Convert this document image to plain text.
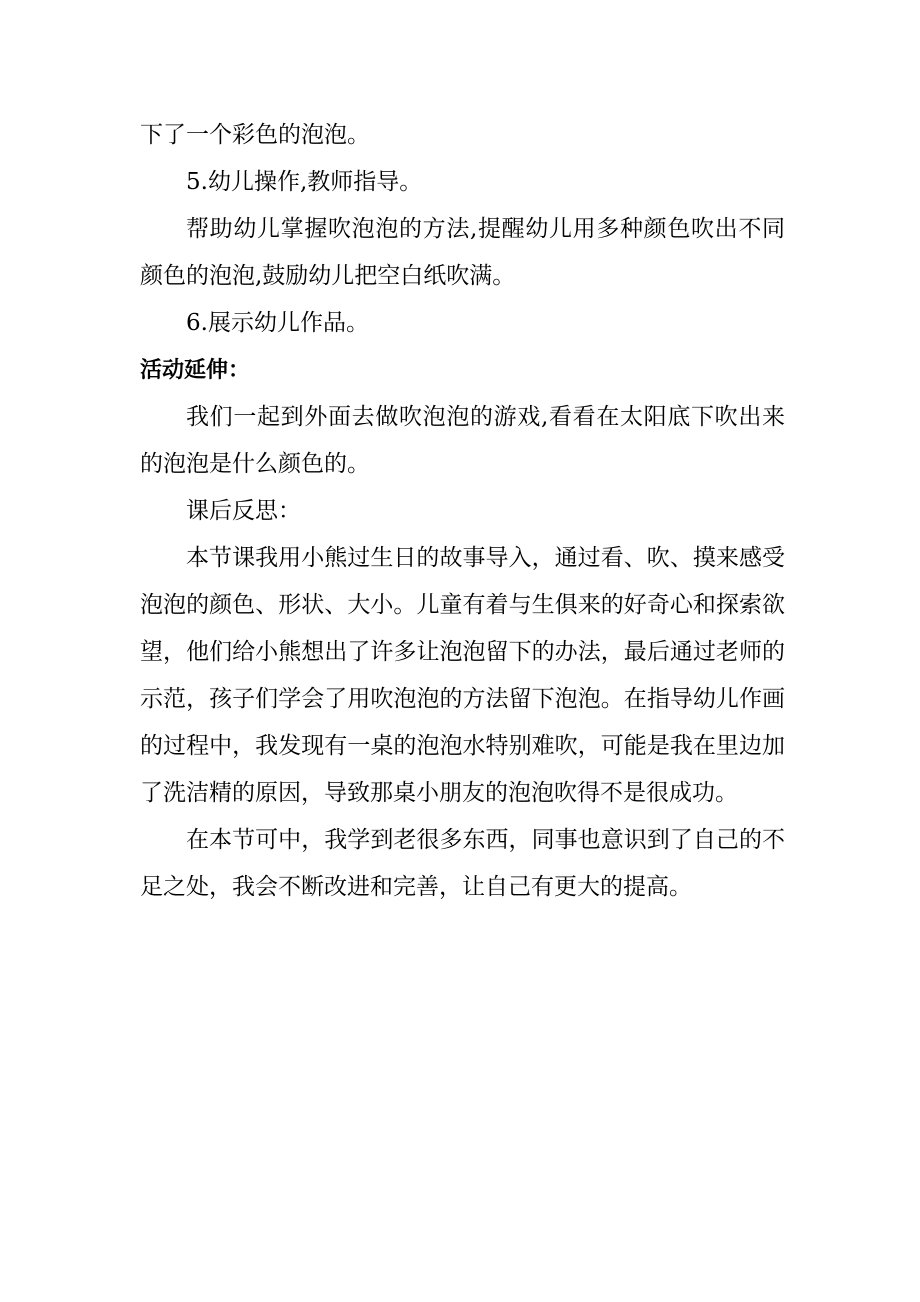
下了一个彩色的泡泡。

5.幼儿操作,教师指导。

帮助幼儿掌握吹泡泡的方法,提醒幼儿用多种颜色吹出不同颜色的泡泡,鼓励幼儿把空白纸吹满。

6.展示幼儿作品。

活动延伸：

我们一起到外面去做吹泡泡的游戏,看看在太阳底下吹出来的泡泡是什么颜色的。

课后反思：

本节课我用小熊过生日的故事导入，通过看、吹、摸来感受泡泡的颜色、形状、大小。儿童有着与生俱来的好奇心和探索欲望，他们给小熊想出了许多让泡泡留下的办法，最后通过老师的示范，孩子们学会了用吹泡泡的方法留下泡泡。在指导幼儿作画的过程中，我发现有一桌的泡泡水特别难吹，可能是我在里边加了洗洁精的原因，导致那桌小朋友的泡泡吹得不是很成功。

在本节可中，我学到老很多东西，同事也意识到了自己的不足之处，我会不断改进和完善，让自己有更大的提高。
